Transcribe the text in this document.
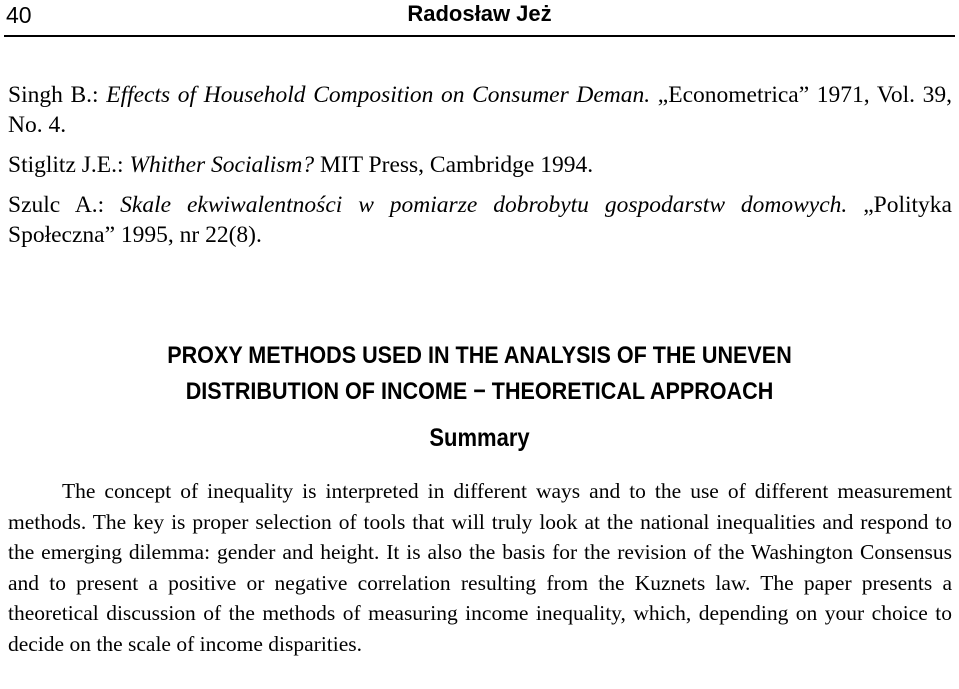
40	Radosław Jeż

Singh B.: Effects of Household Composition on Consumer Deman. „Econometrica” 1971, Vol. 39, No. 4.

Stiglitz J.E.: Whither Socialism? MIT Press, Cambridge 1994.

Szulc A.: Skale ekwiwalentności w pomiarze dobrobytu gospodarstw domowych. „Polityka Społeczna” 1995, nr 22(8).

PROXY METHODS USED IN THE ANALYSIS OF THE UNEVEN
DISTRIBUTION OF INCOME − THEORETICAL APPROACH
Summary

The concept of inequality is interpreted in different ways and to the use of different measurement methods. The key is proper selection of tools that will truly look at the national inequalities and respond to the emerging dilemma: gender and height. It is also the basis for the revision of the Washington Consensus and to present a positive or negative correlation resulting from the Kuznets law. The paper presents a theoretical discussion of the methods of measuring income inequality, which, depending on your choice to decide on the scale of income disparities.
